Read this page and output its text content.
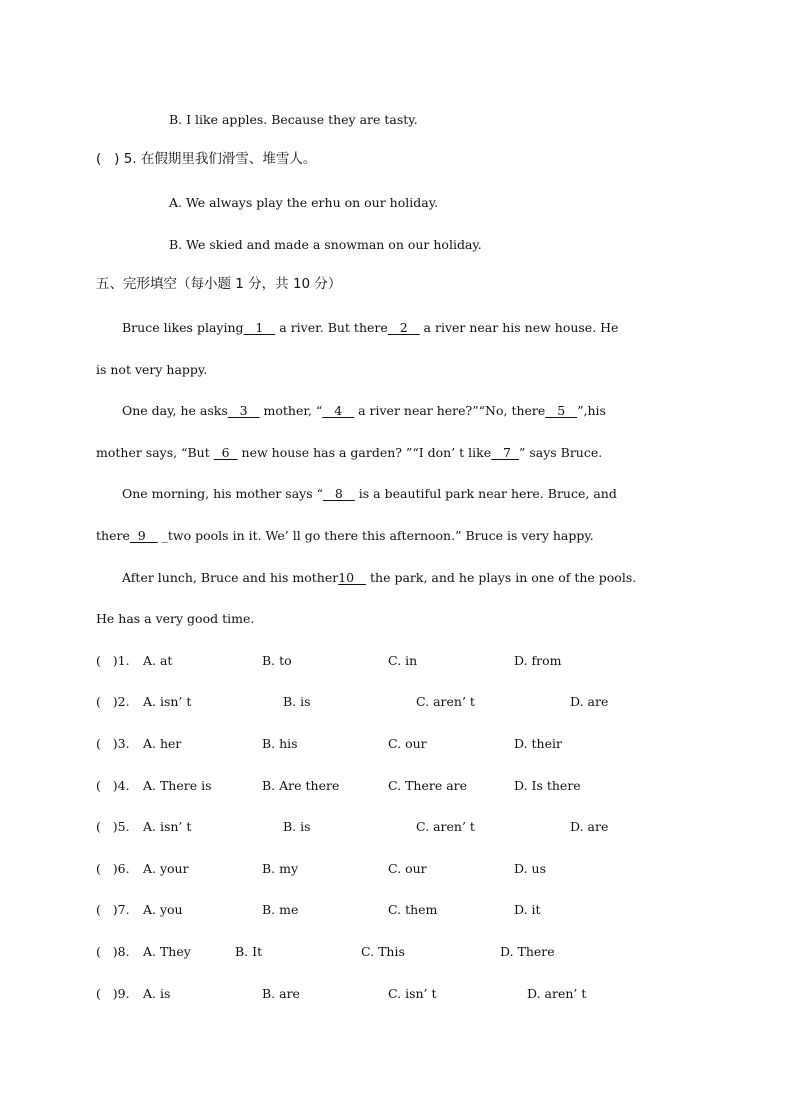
B. I like apples. Because they are tasty.
(   ) 5. 在假期里我们滑雪、堆雪人。
A. We always play the erhu on our holiday.
B. We skied and made a snowman on our holiday.
五、完形填空（每小题 1 分，共 10 分）
Bruce likes playing   1    a river. But there   2    a river near his new house. He
is not very happy.
One day, he asks   3    mother, “   4    a river near here?”“No, there   5   ”,his
mother says, “But   6   new house has a garden? ”“I don’ t like   7  ” says Bruce.
One morning, his mother says “   8    is a beautiful park near here. Bruce, and
there  9    _two pools in it. We’ ll go there this afternoon.” Bruce is very happy.
After lunch, Bruce and his mother10    the park, and he plays in one of the pools.
He has a very good time.
(   )1. A. at	B. to	C. in	D. from
(   )2. A. isn’ t	B. is	C. aren’ t	D. are
(   )3. A. her	B. his	C. our	D. their
(   )4. A. There is	B. Are there	C. There are	D. Is there
(   )5. A. isn’ t	B. is	C. aren’ t	D. are
(   )6. A. your	B. my	C. our	D. us
(   )7. A. you	B. me	C. them	D. it
(   )8. A. They	B. It	C. This	D. There
(   )9. A. is	B. are	C. isn’ t	D. aren’ t
